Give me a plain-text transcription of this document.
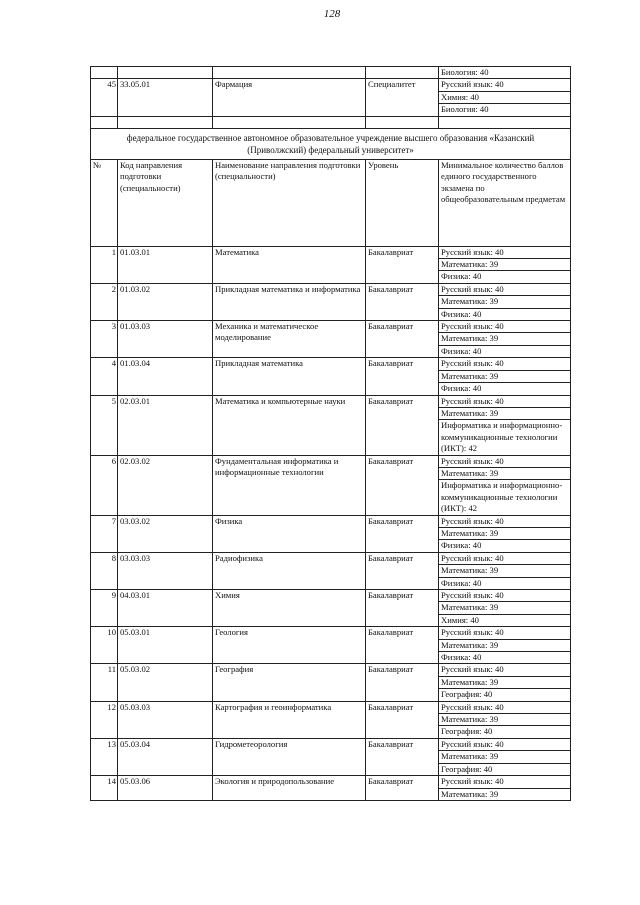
128

				Биология: 40

45	33.05.01	Фармация	Специалитет	Русский язык: 40
Химия: 40
Биология: 40

федеральное государственное автономное образовательное учреждение высшего образования «Казанский (Приволжский) федеральный университет»				
№	Код направления подготовки (специальности)	Наименование направления подготовки (специальности)	Уровень	Минимальное количество баллов единого государственного экзамена по общеобразовательным предметам
1	01.03.01	Математика	Бакалавриат	Русский язык: 40
Математика: 39
Физика: 40

2	01.03.02	Прикладная математика и информатика	Бакалавриат	Русский язык: 40
Математика: 39
Физика: 40

3	01.03.03	Механика и математическое моделирование	Бакалавриат	Русский язык: 40
Математика: 39
Физика: 40

4	01.03.04	Прикладная математика	Бакалавриат	Русский язык: 40
Математика: 39
Физика: 40

5	02.03.01	Математика и компьютерные науки	Бакалавриат	Русский язык: 40
Математика: 39
Информатика и информационно-коммуникационные технологии (ИКТ): 42

6	02.03.02	Фундаментальная информатика и информационные технологии	Бакалавриат	Русский язык: 40
Математика: 39
Информатика и информационно-коммуникационные технологии (ИКТ): 42

7	03.03.02	Физика	Бакалавриат	Русский язык: 40
Математика: 39
Физика: 40

8	03.03.03	Радиофизика	Бакалавриат	Русский язык: 40
Математика: 39
Физика: 40

9	04.03.01	Химия	Бакалавриат	Русский язык: 40
Математика: 39
Химия: 40

10	05.03.01	Геология	Бакалавриат	Русский язык: 40
Математика: 39
Физика: 40

11	05.03.02	География	Бакалавриат	Русский язык: 40
Математика: 39
География: 40

12	05.03.03	Картография и геоинформатика	Бакалавриат	Русский язык: 40
Математика: 39
География: 40

13	05.03.04	Гидрометеорология	Бакалавриат	Русский язык: 40
Математика: 39
География: 40

14	05.03.06	Экология и природопользование	Бакалавриат	Русский язык: 40
Математика: 39
